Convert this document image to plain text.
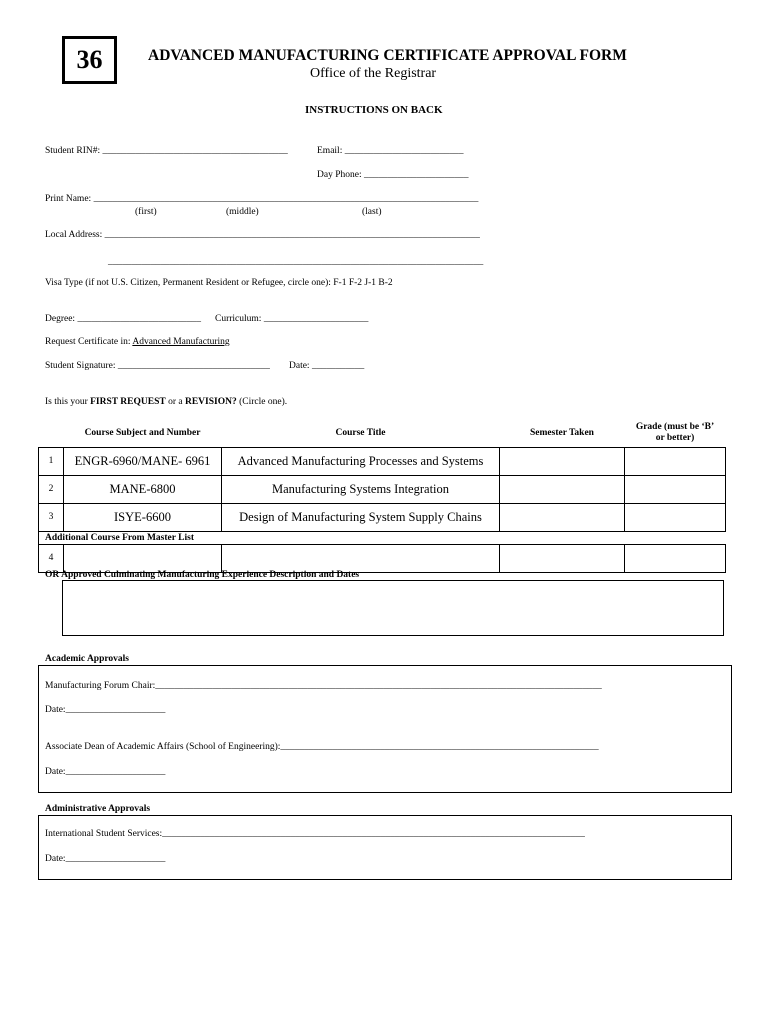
36	ADVANCED MANUFACTURING CERTIFICATE APPROVAL FORM
Office of the Registrar
INSTRUCTIONS ON BACK
Student RIN#: _______________________________________	Email: _________________________
Day Phone: ______________________
Print Name: _________________________________________________________________________________
(first)	(middle)	(last)
Local Address: _______________________________________________________________________________
_______________________________________________________________________________
Visa Type (if not U.S. Citizen, Permanent Resident or Refugee, circle one): F-1 F-2 J-1 B-2
Degree: __________________________ Curriculum: ______________________
Request Certificate in: Advanced Manufacturing
Student Signature: ________________________________ Date: ___________
Is this your FIRST REQUEST or a REVISION? (Circle one).
	Course Subject and Number	Course Title	Semester Taken	Grade (must be ‘B’ or better)
1	ENGR-6960/MANE- 6961	Advanced Manufacturing Processes and Systems		
2	MANE-6800	Manufacturing Systems Integration		
3	ISYE-6600	Design of Manufacturing System Supply Chains		
Additional Course From Master List				
4				
OR Approved Culminating Manufacturing Experience Description and Dates
Academic Approvals
Manufacturing Forum Chair:______________________________________________________________________________________________
Date:_____________________
Associate Dean of Academic Affairs (School of Engineering):___________________________________________________________________
Date:_____________________
Administrative Approvals
International Student Services:_________________________________________________________________________________________
Date:_____________________
